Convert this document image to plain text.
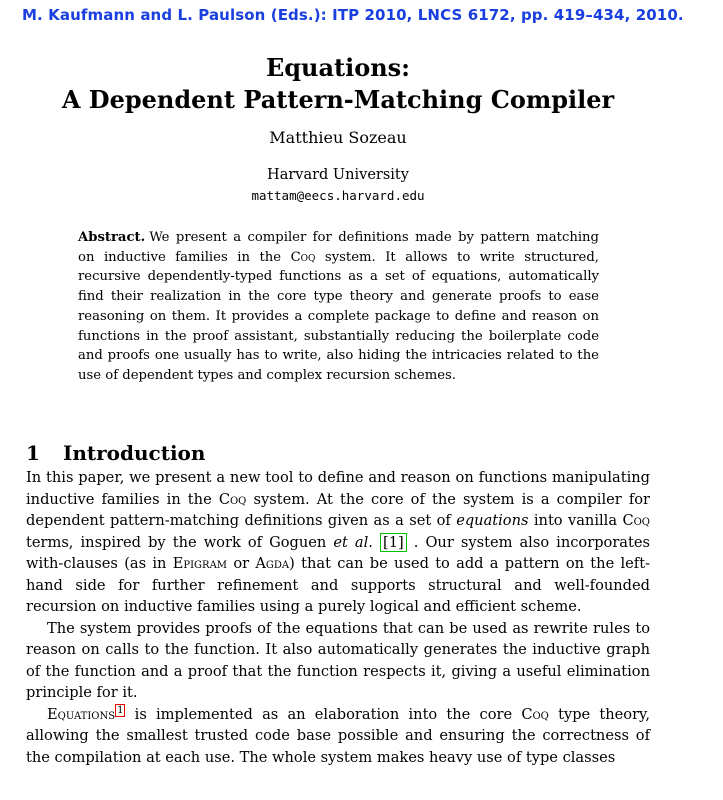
M. Kaufmann and L. Paulson (Eds.): ITP 2010, LNCS 6172, pp. 419–434, 2010.
Equations:
A Dependent Pattern-Matching Compiler
Matthieu Sozeau
Harvard University
mattam@eecs.harvard.edu
Abstract. We present a compiler for definitions made by pattern matching on inductive families in the Coq system. It allows to write structured, recursive dependently-typed functions as a set of equations, automatically find their realization in the core type theory and generate proofs to ease reasoning on them. It provides a complete package to define and reason on functions in the proof assistant, substantially reducing the boilerplate code and proofs one usually has to write, also hiding the intricacies related to the use of dependent types and complex recursion schemes.
1 Introduction

In this paper, we present a new tool to define and reason on functions manipulating inductive families in the Coq system. At the core of the system is a compiler for dependent pattern-matching definitions given as a set of equations into vanilla Coq terms, inspired by the work of Goguen et al. [1] . Our system also incorporates with-clauses (as in Epigram or Agda) that can be used to add a pattern on the left-hand side for further refinement and supports structural and well-founded recursion on inductive families using a purely logical and efficient scheme.

The system provides proofs of the equations that can be used as rewrite rules to reason on calls to the function. It also automatically generates the inductive graph of the function and a proof that the function respects it, giving a useful elimination principle for it.

Equations $^1$ is implemented as an elaboration into the core Coq type theory, allowing the smallest trusted code base possible and ensuring the correctness of the compilation at each use. The whole system makes heavy use of type classes
